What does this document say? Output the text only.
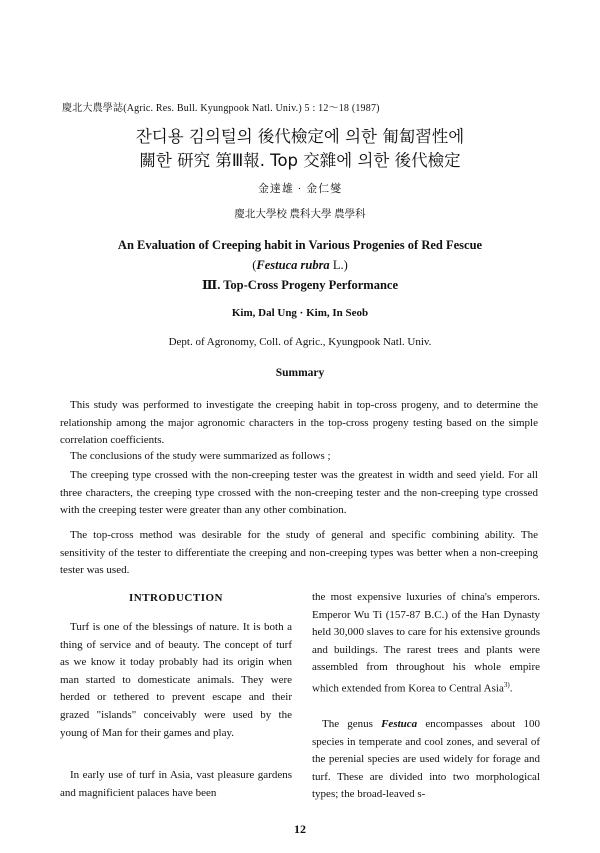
慶北大農學誌(Agric. Res. Bull. Kyungpook Natl. Univ.) 5 : 12～18 (1987)
잔디용 김의털의 後代檢定에 의한 匍匐習性에
關한 研究 第Ⅲ報. Top 交雜에 의한 後代檢定
金達雄 · 金仁燮
慶北大學校 農科大學 農學科
An Evaluation of Creeping habit in Various Progenies of Red Fescue
(Festuca rubra L.)
Ⅲ. Top-Cross Progeny Performance
Kim, Dal Ung · Kim, In Seob
Dept. of Agronomy, Coll. of Agric., Kyungpook Natl. Univ.
Summary
This study was performed to investigate the creeping habit in top-cross progeny, and to determine the relationship among the major agronomic characters in the top-cross progeny testing based on the simple correlation coefficients.
The conclusions of the study were summarized as follows ;
The creeping type crossed with the non-creeping tester was the greatest in width and seed yield. For all three characters, the creeping type crossed with the non-creeping tester and the non-creeping type crossed with the creeping tester were greater than any other combination.
The top-cross method was desirable for the study of general and specific combining ability. The sensitivity of the tester to differentiate the creeping and non-creeping types was better when a non-creeping tester was used.
INTRODUCTION
Turf is one of the blessings of nature. It is both a thing of service and of beauty. The concept of turf as we know it today probably had its origin when man started to domesticate animals. They were herded or tethered to prevent escape and their grazed "islands" conceivably were used by the young of Man for their games and play.
In early use of turf in Asia, vast pleasure gardens and magnificient palaces have been
the most expensive luxuries of china's emperors. Emperor Wu Ti (157-87 B.C.) of the Han Dynasty held 30,000 slaves to care for his extensive grounds and buildings. The rarest trees and plants were assembled from throughout his whole empire which extended from Korea to Central Asia$^{3)}$.
The genus Festuca encompasses about 100 species in temperate and cool zones, and several of the perenial species are used widely for forage and turf. These are divided into two morphological types; the broad-leaved s-
12
